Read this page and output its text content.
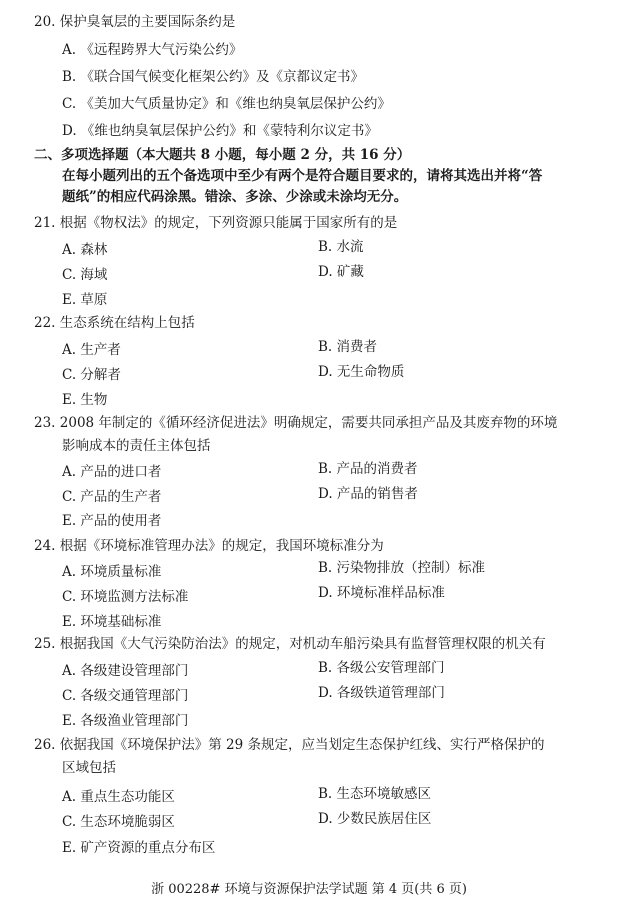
20. 保护臭氧层的主要国际条约是
A. 《远程跨界大气污染公约》
B. 《联合国气候变化框架公约》及《京都议定书》
C. 《美加大气质量协定》和《维也纳臭氧层保护公约》
D. 《维也纳臭氧层保护公约》和《蒙特利尔议定书》
二、多项选择题（本大题共 8 小题，每小题 2 分，共 16 分）
在每小题列出的五个备选项中至少有两个是符合题目要求的，请将其选出并将“答
题纸”的相应代码涂黑。错涂、多涂、少涂或未涂均无分。
21. 根据《物权法》的规定，下列资源只能属于国家所有的是
A. 森林	B. 水流
C. 海域	D. 矿藏
E. 草原
22. 生态系统在结构上包括
A. 生产者	B. 消费者
C. 分解者	D. 无生命物质
E. 生物
23. 2008 年制定的《循环经济促进法》明确规定，需要共同承担产品及其废弃物的环境
影响成本的责任主体包括
A. 产品的进口者	B. 产品的消费者
C. 产品的生产者	D. 产品的销售者
E. 产品的使用者
24. 根据《环境标准管理办法》的规定，我国环境标准分为
A. 环境质量标准	B. 污染物排放（控制）标准
C. 环境监测方法标准	D. 环境标准样品标准
E. 环境基础标准
25. 根据我国《大气污染防治法》的规定，对机动车船污染具有监督管理权限的机关有
A. 各级建设管理部门	B. 各级公安管理部门
C. 各级交通管理部门	D. 各级铁道管理部门
E. 各级渔业管理部门
26. 依据我国《环境保护法》第 29 条规定，应当划定生态保护红线、实行严格保护的
区域包括
A. 重点生态功能区	B. 生态环境敏感区
C. 生态环境脆弱区	D. 少数民族居住区
E. 矿产资源的重点分布区
浙 00228# 环境与资源保护法学试题 第 4 页(共 6 页)
